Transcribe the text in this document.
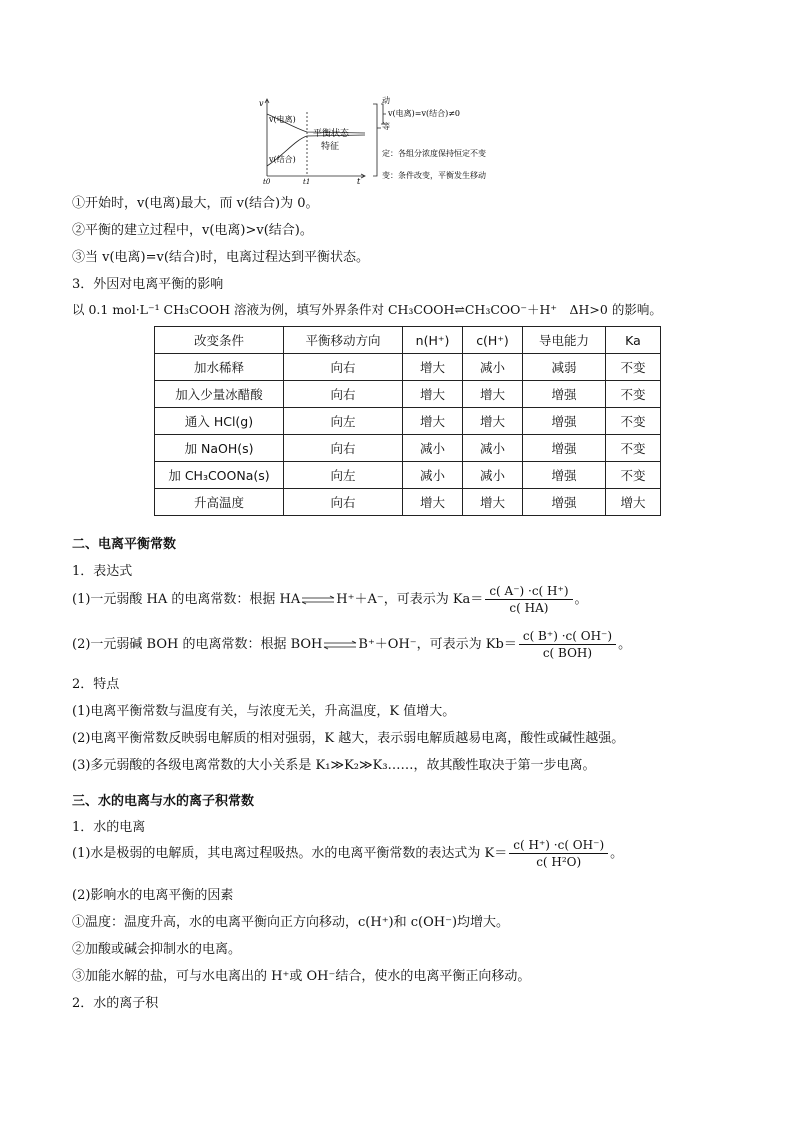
v
t
v(电离)
v(结合)
t0	t1
平衡状态
特征
动
等
v(电离)=v(结合)≠0
定：各组分浓度保持恒定不变
变：条件改变，平衡发生移动
①开始时，v(电离)最大，而 v(结合)为 0。
②平衡的建立过程中，v(电离)>v(结合)。
③当 v(电离)=v(结合)时，电离过程达到平衡状态。
3．外因对电离平衡的影响
以 0.1 mol·L⁻¹ CH₃COOH 溶液为例，填写外界条件对 CH₃COOH⇌CH₃COO⁻＋H⁺　ΔH>0 的影响。
改变条件	平衡移动方向	n(H⁺)	c(H⁺)	导电能力	Ka
加水稀释	向右	增大	减小	减弱	不变
加入少量冰醋酸	向右	增大	增大	增强	不变
通入 HCl(g)	向左	增大	增大	增强	不变
加 NaOH(s)	向右	减小	减小	增强	不变
加 CH₃COONa(s)	向左	减小	减小	增强	不变
升高温度	向右	增大	增大	增强	增大
二、电离平衡常数
1．表达式
(1)一元弱酸 HA 的电离常数：根据 HA⇌H⁺＋A⁻，可表示为 $Ka= \frac{c( A^-) \cdot c( H^+)}{c( HA)}$ 。
(2)一元弱碱 BOH 的电离常数：根据 BOH⇌B⁺＋OH⁻，可表示为 $Kb= \frac{c( B^+) \cdot c( OH^-)}{\text{c( BOH)}}$ 。
2．特点
(1)电离平衡常数与温度有关，与浓度无关，升高温度，K 值增大。
(2)电离平衡常数反映弱电解质的相对强弱，K 越大，表示弱电解质越易电离，酸性或碱性越强。
(3)多元弱酸的各级电离常数的大小关系是 K₁≫K₂≫K₃……，故其酸性取决于第一步电离。
三、水的电离与水的离子积常数
1．水的电离
(1)水是极弱的电解质，其电离过程吸热。水的电离平衡常数的表达式为 $K= \frac{c( H^+) \cdot c( OH^-)}{\text{c( H²O)}}$ 。
(2)影响水的电离平衡的因素
①温度：温度升高，水的电离平衡向正方向移动，c(H⁺)和 c(OH⁻)均增大。
②加酸或碱会抑制水的电离。
③加能水解的盐，可与水电离出的 H⁺或 OH⁻结合，使水的电离平衡正向移动。
2．水的离子积
